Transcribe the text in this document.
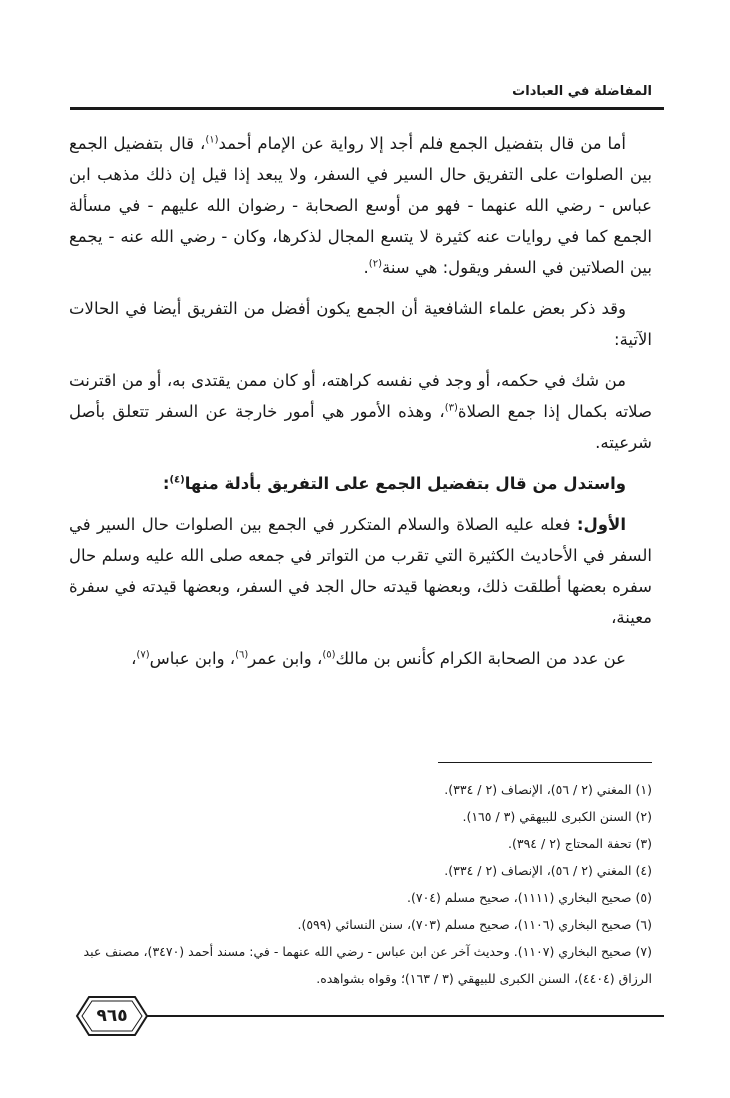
المفاضلة في العبادات

أما من قال بتفضيل الجمع فلم أجد إلا رواية عن الإمام أحمد$^{(١)}$، قال بتفضيل الجمع بين الصلوات على التفريق حال السير في السفر، ولا يبعد إذا قيل إن ذلك مذهب ابن عباس - رضي الله عنهما - فهو من أوسع الصحابة - رضوان الله عليهم - في مسألة الجمع كما في روايات عنه كثيرة لا يتسع المجال لذكرها، وكان - رضي الله عنه - يجمع بين الصلاتين في السفر ويقول: هي سنة$^{(٢)}$.

وقد ذكر بعض علماء الشافعية أن الجمع يكون أفضل من التفريق أيضا في الحالات الآتية:

من شك في حكمه، أو وجد في نفسه كراهته، أو كان ممن يقتدى به، أو من اقترنت صلاته بكمال إذا جمع الصلاة$^{(٣)}$، وهذه الأمور هي أمور خارجة عن السفر تتعلق بأصل شرعيته.

واستدل من قال بتفضيل الجمع على التفريق بأدلة منها$^{(٤)}$:

الأول: فعله عليه الصلاة والسلام المتكرر في الجمع بين الصلوات حال السير في السفر في الأحاديث الكثيرة التي تقرب من التواتر في جمعه صلى الله عليه وسلم حال سفره بعضها أطلقت ذلك، وبعضها قيدته حال الجد في السفر، وبعضها قيدته في سفرة معينة،

عن عدد من الصحابة الكرام كأنس بن مالك$^{(٥)}$، وابن عمر$^{(٦)}$، وابن عباس$^{(٧)}$،

(١) المغني (٢ / ٥٦)، الإنصاف (٢ / ٣٣٤).

(٢) السنن الكبرى للبيهقي (٣ / ١٦٥).

(٣) تحفة المحتاج (٢ / ٣٩٤).

(٤) المغني (٢ / ٥٦)، الإنصاف (٢ / ٣٣٤).

(٥) صحيح البخاري (١١١١)، صحيح مسلم (٧٠٤).

(٦) صحيح البخاري (١١٠٦)، صحيح مسلم (٧٠٣)، سنن النسائي (٥٩٩).

(٧) صحيح البخاري (١١٠٧). وحديث آخر عن ابن عباس - رضي الله عنهما - في: مسند أحمد (٣٤٧٠)، مصنف عبد الرزاق (٤٤٠٤)، السنن الكبرى للبيهقي (٣ / ١٦٣)؛ وقواه بشواهده.

٩٦٥
